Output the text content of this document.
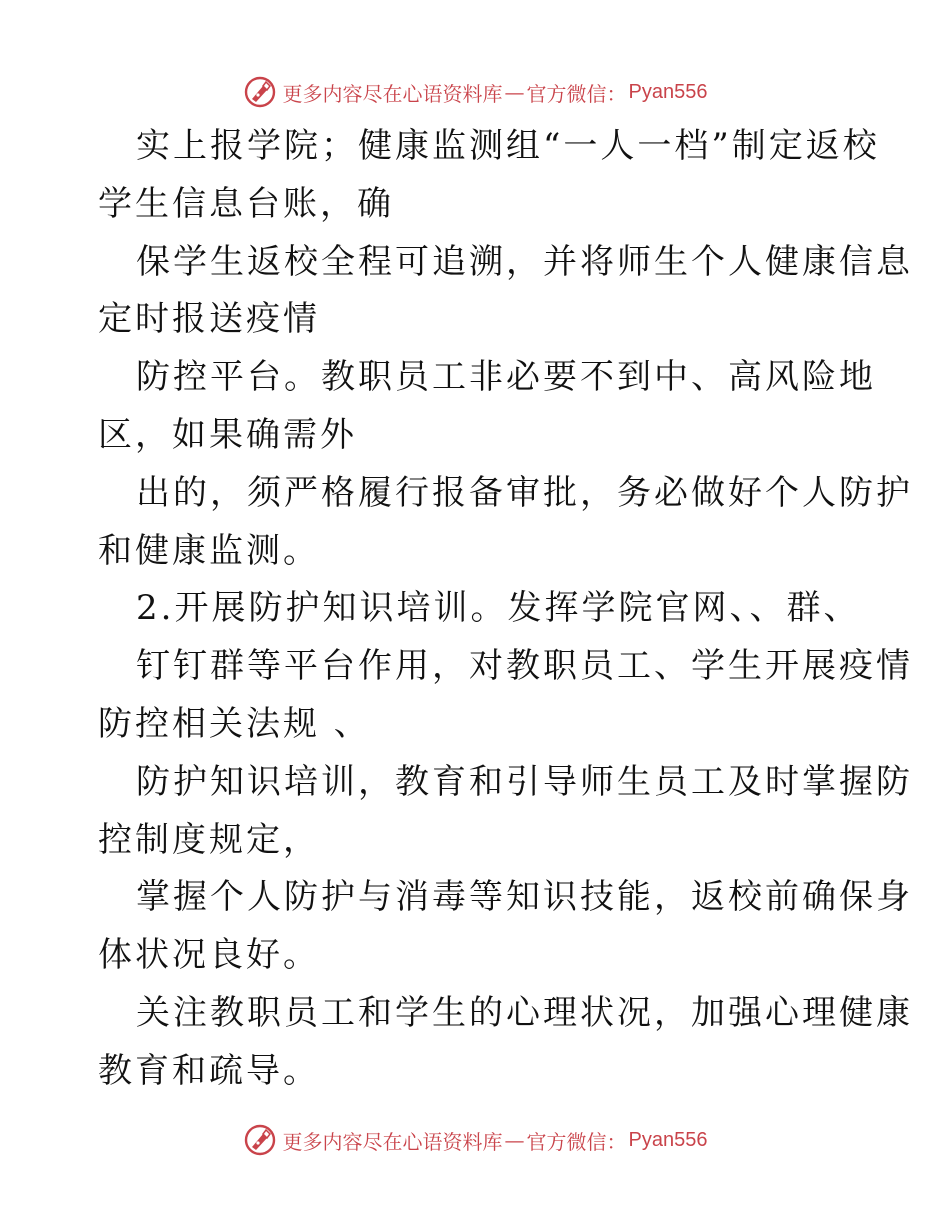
更多内容尽在心语资料库 — 官方微信： Pyan556
实上报学院；健康监测组“一人一档”制定返校
学生信息台账，确
保学生返校全程可追溯，并将师生个人健康信息
定时报送疫情
防控平台。教职员工非必要不到中、高风险地
区，如果确需外
出的，须严格履行报备审批，务必做好个人防护
和健康监测。
2.开展防护知识培训。发挥学院官网、、群、
钉钉群等平台作用，对教职员工、学生开展疫情
防控相关法规 、
防护知识培训，教育和引导师生员工及时掌握防
控制度规定，
掌握个人防护与消毒等知识技能，返校前确保身
体状况良好。
关注教职员工和学生的心理状况，加强心理健康
教育和疏导。
更多内容尽在心语资料库 — 官方微信： Pyan556
